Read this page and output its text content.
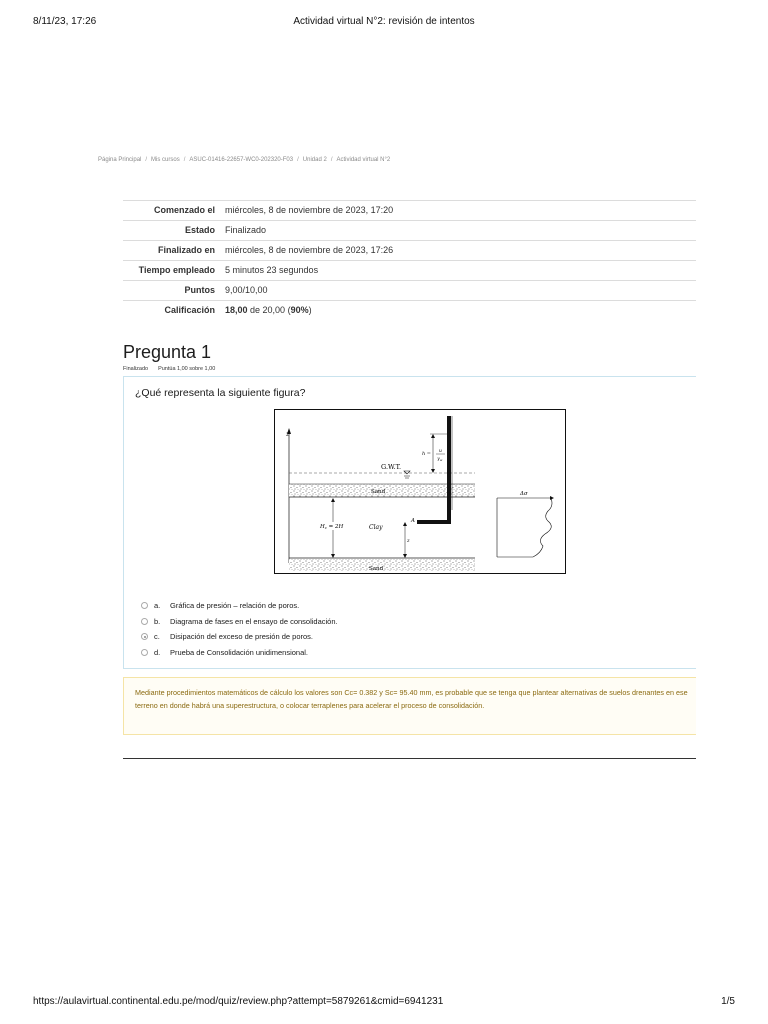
8/11/23, 17:26	Actividad virtual N°2: revisión de intentos
Página Principal / Mis cursos / ASUC-01416-22657-WC0-202320-F03 / Unidad 2 / Actividad virtual N°2
Comenzado el	miércoles, 8 de noviembre de 2023, 17:20
Estado	Finalizado
Finalizado en	miércoles, 8 de noviembre de 2023, 17:26
Tiempo empleado	5 minutos 23 segundos
Puntos	9,00/10,00
Calificación	18,00 de 20,00 (90%)
Pregunta 1
Finalizado Puntúa 1,00 sobre 1,00
¿Qué representa la siguiente figura?
z
G.W.T.
Sand
Clay
Hc = 2H
Sand
h = u
$\gamma_w$
z
A
Δσ
a.	Gráfica de presión – relación de poros.
b.	Diagrama de fases en el ensayo de consolidación.
c.	Disipación del exceso de presión de poros.
d.	Prueba de Consolidación unidimensional.
Mediante procedimientos matemáticos de cálculo los valores son Cc= 0.382 y Sc= 95.40 mm, es probable que se tenga que plantear alternativas de suelos drenantes en ese terreno en donde habrá una superestructura, o colocar terraplenes para acelerar el proceso de consolidación.
https://aulavirtual.continental.edu.pe/mod/quiz/review.php?attempt=5879261&cmid=6941231	1/5
